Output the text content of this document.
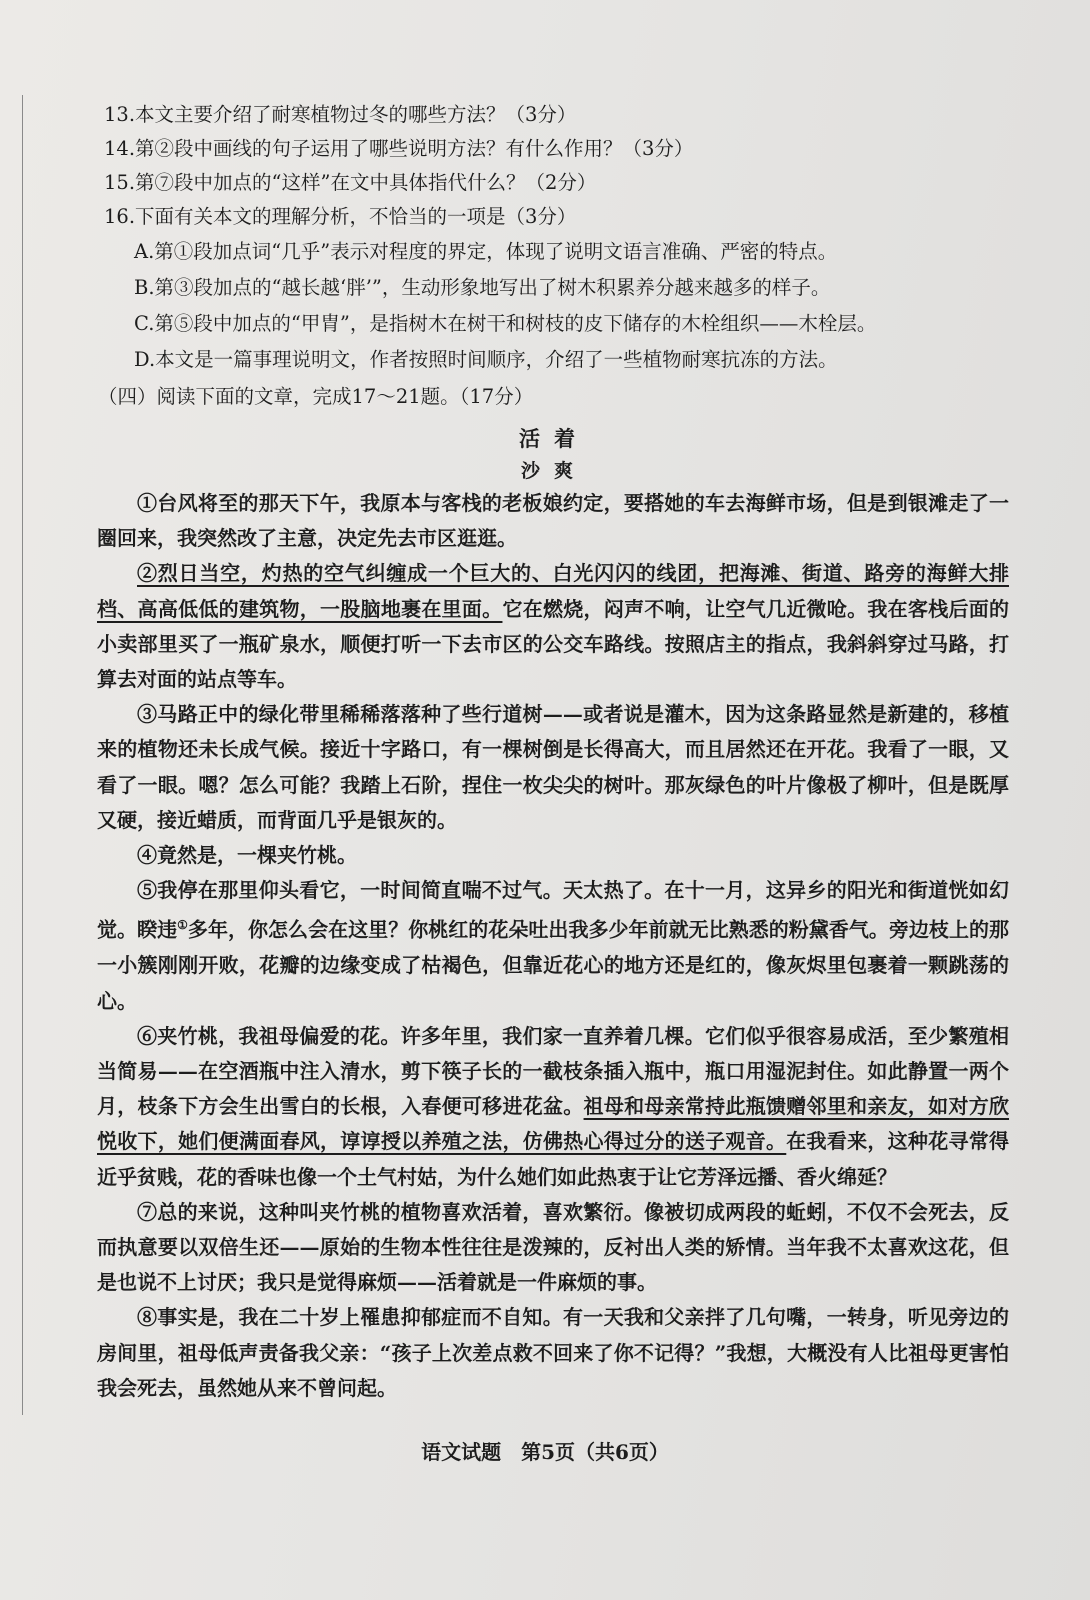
13.本文主要介绍了耐寒植物过冬的哪些方法？（3分）
14.第②段中画线的句子运用了哪些说明方法？有什么作用？（3分）
15.第⑦段中加点的“这样”在文中具体指代什么？（2分）
16.下面有关本文的理解分析，不恰当的一项是（3分）
A.第①段加点词“几乎”表示对程度的界定，体现了说明文语言准确、严密的特点。
B.第③段加点的“越长越‘胖’”，生动形象地写出了树木积累养分越来越多的样子。
C.第⑤段中加点的“甲胄”，是指树木在树干和树枝的皮下储存的木栓组织——木栓层。
D.本文是一篇事理说明文，作者按照时间顺序，介绍了一些植物耐寒抗冻的方法。
（四）阅读下面的文章，完成17～21题。（17分）
活着
沙爽

①台风将至的那天下午，我原本与客栈的老板娘约定，要搭她的车去海鲜市场，但是到银滩走了一圈回来，我突然改了主意，决定先去市区逛逛。

②烈日当空，灼热的空气纠缠成一个巨大的、白光闪闪的线团，把海滩、街道、路旁的海鲜大排档、高高低低的建筑物，一股脑地裹在里面。它在燃烧，闷声不响，让空气几近微呛。我在客栈后面的小卖部里买了一瓶矿泉水，顺便打听一下去市区的公交车路线。按照店主的指点，我斜斜穿过马路，打算去对面的站点等车。

③马路正中的绿化带里稀稀落落种了些行道树——或者说是灌木，因为这条路显然是新建的，移植来的植物还未长成气候。接近十字路口，有一棵树倒是长得高大，而且居然还在开花。我看了一眼，又看了一眼。嗯？怎么可能？我踏上石阶，捏住一枚尖尖的树叶。那灰绿色的叶片像极了柳叶，但是既厚又硬，接近蜡质，而背面几乎是银灰的。

④竟然是，一棵夹竹桃。

⑤我停在那里仰头看它，一时间简直喘不过气。天太热了。在十一月，这异乡的阳光和街道恍如幻觉。睽违①多年，你怎么会在这里？你桃红的花朵吐出我多少年前就无比熟悉的粉黛香气。旁边枝上的那一小簇刚刚开败，花瓣的边缘变成了枯褐色，但靠近花心的地方还是红的，像灰烬里包裹着一颗跳荡的心。

⑥夹竹桃，我祖母偏爱的花。许多年里，我们家一直养着几棵。它们似乎很容易成活，至少繁殖相当简易——在空酒瓶中注入清水，剪下筷子长的一截枝条插入瓶中，瓶口用湿泥封住。如此静置一两个月，枝条下方会生出雪白的长根，入春便可移进花盆。祖母和母亲常持此瓶馈赠邻里和亲友，如对方欣悦收下，她们便满面春风，谆谆授以养殖之法，仿佛热心得过分的送子观音。在我看来，这种花寻常得近乎贫贱，花的香味也像一个土气村姑，为什么她们如此热衷于让它芳泽远播、香火绵延？

⑦总的来说，这种叫夹竹桃的植物喜欢活着，喜欢繁衍。像被切成两段的蚯蚓，不仅不会死去，反而执意要以双倍生还——原始的生物本性往往是泼辣的，反衬出人类的矫情。当年我不太喜欢这花，但是也说不上讨厌；我只是觉得麻烦——活着就是一件麻烦的事。

⑧事实是，我在二十岁上罹患抑郁症而不自知。有一天我和父亲拌了几句嘴，一转身，听见旁边的房间里，祖母低声责备我父亲：“孩子上次差点救不回来了你不记得？”我想，大概没有人比祖母更害怕我会死去，虽然她从来不曾问起。

语文试题　第5页（共6页）
